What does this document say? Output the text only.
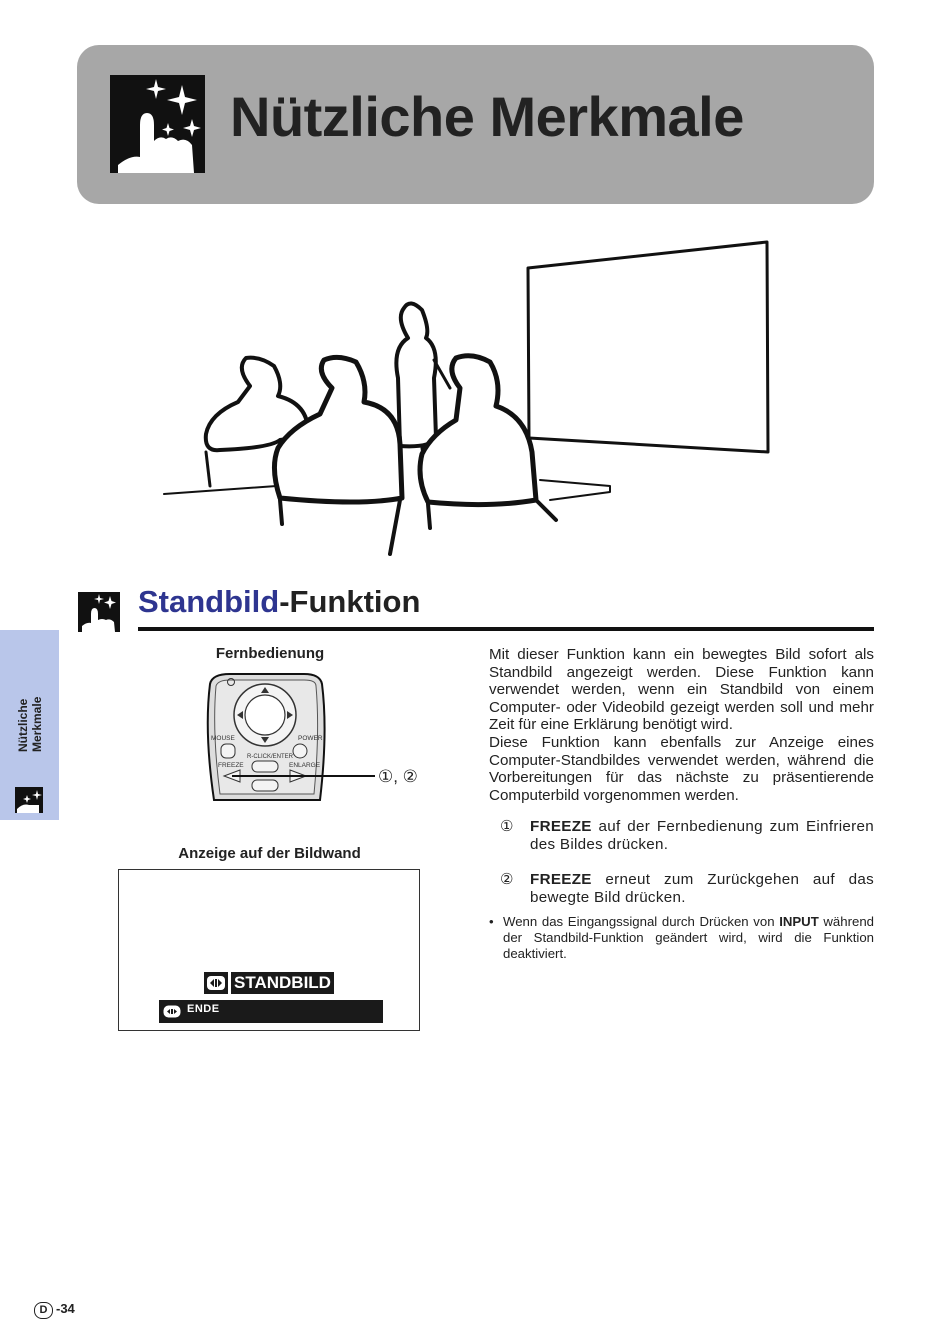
Nützliche Merkmale
Standbild-Funktion
Nützliche Merkmale
Fernbedienung
MOUSE	POWER
R-CLICK/ENTER
FREEZE	ENLARGE
①, ②
Anzeige auf der Bildwand
STANDBILD
ENDE

Mit dieser Funktion kann ein bewegtes Bild sofort als Standbild angezeigt werden. Diese Funktion kann verwendet werden, wenn ein Standbild von einem Computer- oder Videobild gezeigt werden soll und mehr Zeit für eine Erklärung benötigt wird.

Diese Funktion kann ebenfalls zur Anzeige eines Computer-Standbildes verwendet werden, während die Vorbereitungen für das nächste zu präsentierende Computerbild vorgenommen werden.

①	FREEZE auf der Fernbedienung zum Einfrieren des Bildes drücken.
②	FREEZE erneut zum Zurückgehen auf das bewegte Bild drücken.
• Wenn das Eingangssignal durch Drücken von INPUT während der Standbild-Funktion geändert wird, wird die Funktion deaktiviert.
D -34
